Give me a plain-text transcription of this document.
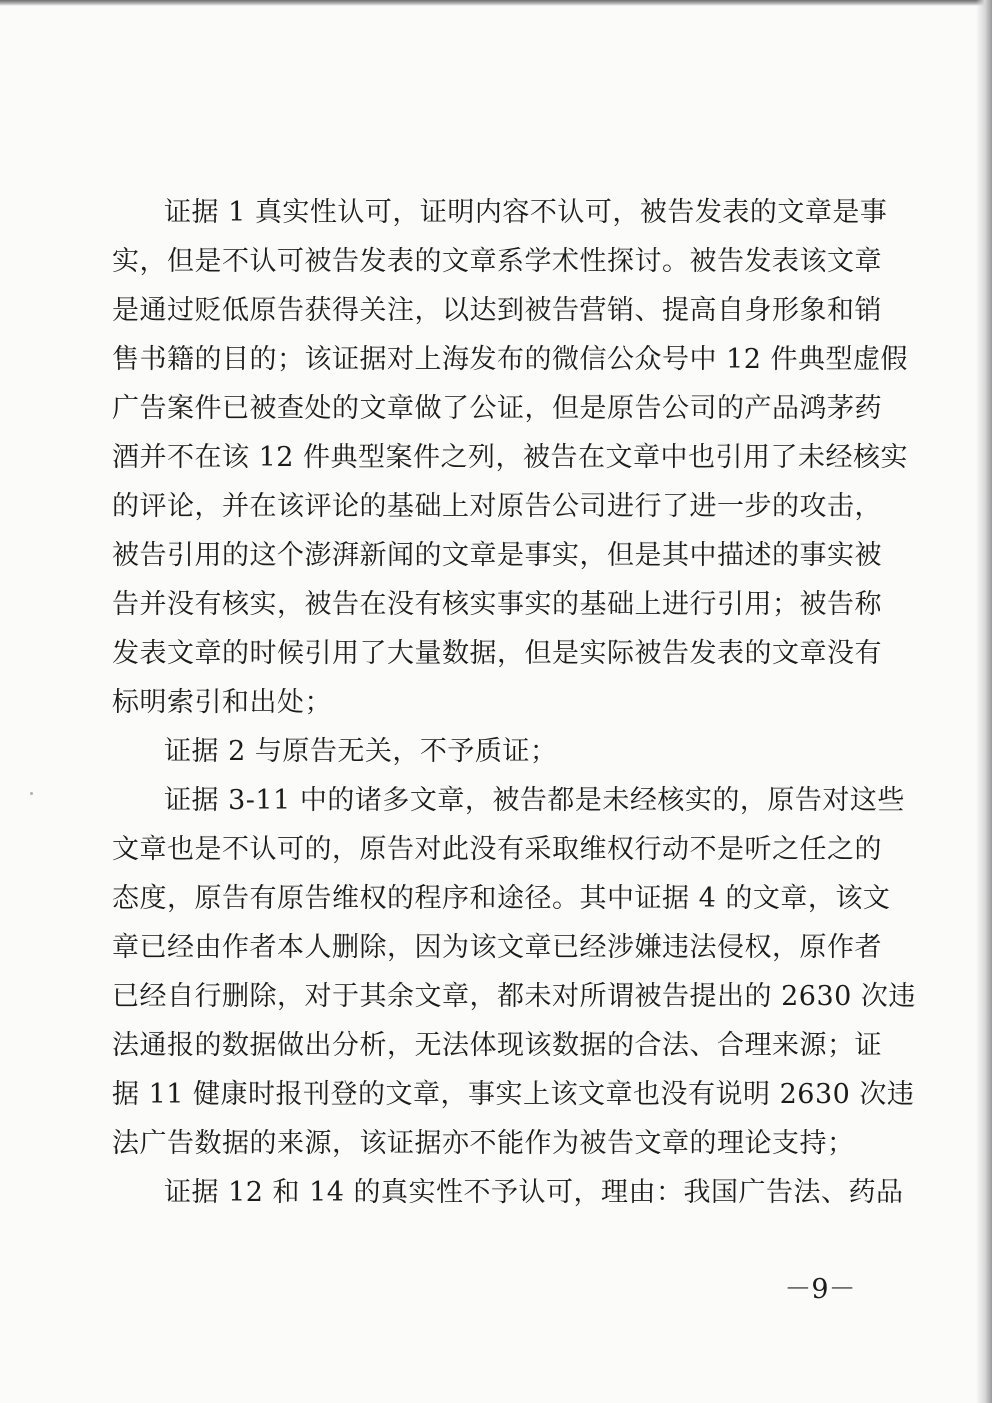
证据 1 真实性认可，证明内容不认可，被告发表的文章是事
实，但是不认可被告发表的文章系学术性探讨。被告发表该文章
是通过贬低原告获得关注，以达到被告营销、提高自身形象和销
售书籍的目的；该证据对上海发布的微信公众号中 12 件典型虚假
广告案件已被查处的文章做了公证，但是原告公司的产品鸿茅药
酒并不在该 12 件典型案件之列，被告在文章中也引用了未经核实
的评论，并在该评论的基础上对原告公司进行了进一步的攻击，
被告引用的这个澎湃新闻的文章是事实，但是其中描述的事实被
告并没有核实，被告在没有核实事实的基础上进行引用；被告称
发表文章的时候引用了大量数据，但是实际被告发表的文章没有
标明索引和出处；
证据 2 与原告无关，不予质证；
证据 3-11 中的诸多文章，被告都是未经核实的，原告对这些
文章也是不认可的，原告对此没有采取维权行动不是听之任之的
态度，原告有原告维权的程序和途径。其中证据 4 的文章，该文
章已经由作者本人删除，因为该文章已经涉嫌违法侵权，原作者
已经自行删除，对于其余文章，都未对所谓被告提出的 2630 次违
法通报的数据做出分析，无法体现该数据的合法、合理来源；证
据 11 健康时报刊登的文章，事实上该文章也没有说明 2630 次违
法广告数据的来源，该证据亦不能作为被告文章的理论支持；
证据 12 和 14 的真实性不予认可，理由：我国广告法、药品
－9－
